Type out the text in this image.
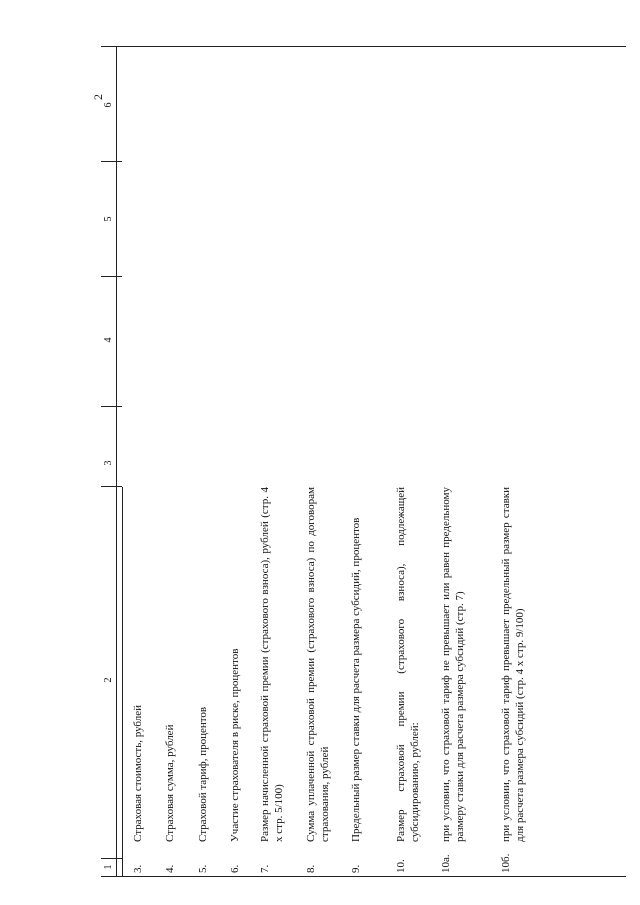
1
2
3
4
5
6
2
3.
Страховая стоимость, рублей
4.
Страховая сумма, рублей
5.
Страховой тариф, процентов
6.
Участие страхователя в риске, процентов
7.
Размер начисленной страховой премии (страхового взноса), рублей (стр. 4 х стр. 5/100)
8.
Сумма уплаченной страховой премии (страхового взноса) по договорам страхования, рублей
9.
Предельный размер ставки для расчета размера субсидий, процентов
10.
Размер страховой премии (страхового взноса), подлежащей субсидированию, рублей:
10а.
при условии, что страховой тариф не превышает или равен предельному размеру ставки для расчета размера субсидий (стр. 7)
10б.
при условии, что страховой тариф превышает предельный размер ставки для расчета размера субсидий (стр. 4 х стр. 9/100)
